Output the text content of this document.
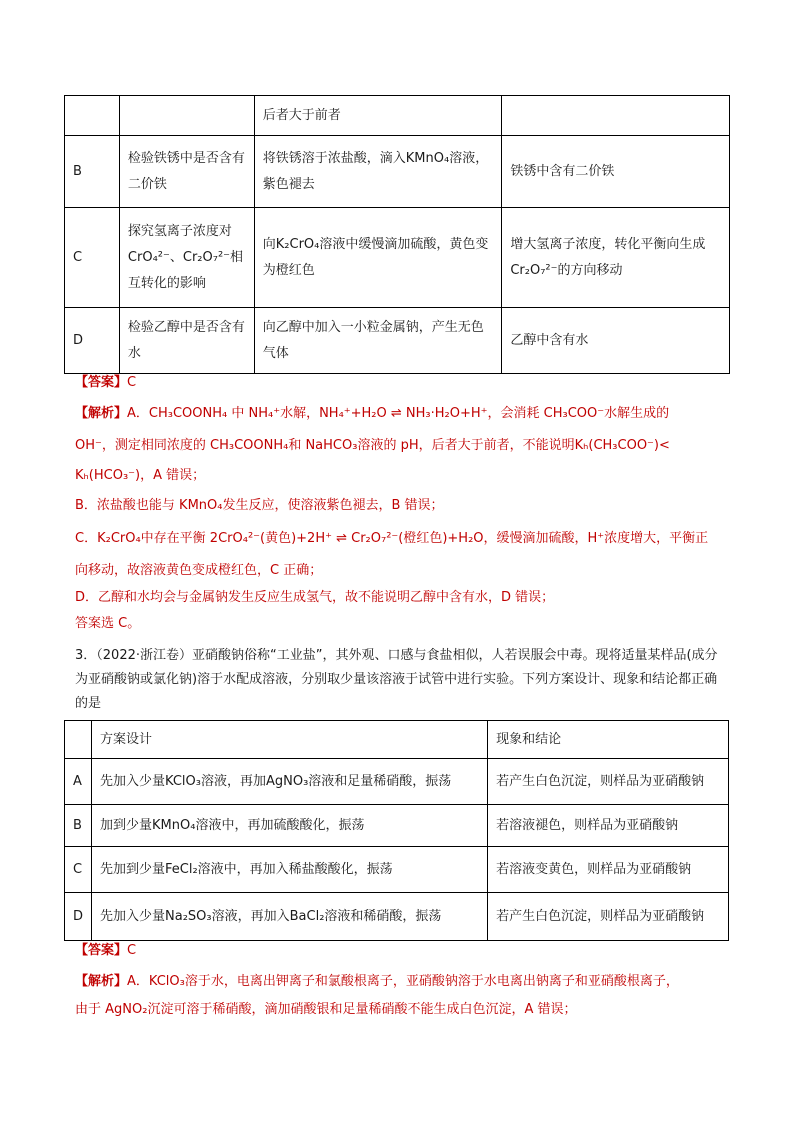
		后者大于前者	
B	检验铁锈中是否含有二价铁	将铁锈溶于浓盐酸，滴入KMnO₄溶液，紫色褪去	铁锈中含有二价铁
C	探究氢离子浓度对CrO₄²⁻、Cr₂O₇²⁻相互转化的影响	向K₂CrO₄溶液中缓慢滴加硫酸，黄色变为橙红色	增大氢离子浓度，转化平衡向生成Cr₂O₇²⁻的方向移动
D	检验乙醇中是否含有水	向乙醇中加入一小粒金属钠，产生无色气体	乙醇中含有水

【答案】C

【解析】A．CH₃COONH₄ 中 NH₄⁺水解，NH₄⁺+H₂O ⇌ NH₃·H₂O+H⁺，会消耗 CH₃COO⁻水解生成的

OH⁻，测定相同浓度的 CH₃COONH₄和 NaHCO₃溶液的 pH，后者大于前者，不能说明Kₕ(CH₃COO⁻)<

Kₕ(HCO₃⁻)，A 错误；

B．浓盐酸也能与 KMnO₄发生反应，使溶液紫色褪去，B 错误；

C．K₂CrO₄中存在平衡 2CrO₄²⁻(黄色)+2H⁺ ⇌ Cr₂O₇²⁻(橙红色)+H₂O，缓慢滴加硫酸，H⁺浓度增大，平衡正

向移动，故溶液黄色变成橙红色，C 正确；

D．乙醇和水均会与金属钠发生反应生成氢气，故不能说明乙醇中含有水，D 错误；

答案选 C。

3．（2022·浙江卷）亚硝酸钠俗称“工业盐”，其外观、口感与食盐相似，人若误服会中毒。现将适量某样品(成分为亚硝酸钠或氯化钠)溶于水配成溶液，分别取少量该溶液于试管中进行实验。下列方案设计、现象和结论都正确的是

	方案设计	现象和结论
A	先加入少量KClO₃溶液，再加AgNO₃溶液和足量稀硝酸，振荡	若产生白色沉淀，则样品为亚硝酸钠
B	加到少量KMnO₄溶液中，再加硫酸酸化，振荡	若溶液褪色，则样品为亚硝酸钠
C	先加到少量FeCl₂溶液中，再加入稀盐酸酸化，振荡	若溶液变黄色，则样品为亚硝酸钠
D	先加入少量Na₂SO₃溶液，再加入BaCl₂溶液和稀硝酸，振荡	若产生白色沉淀，则样品为亚硝酸钠

【答案】C

【解析】A．KClO₃溶于水，电离出钾离子和氯酸根离子，亚硝酸钠溶于水电离出钠离子和亚硝酸根离子，

由于 AgNO₂沉淀可溶于稀硝酸，滴加硝酸银和足量稀硝酸不能生成白色沉淀，A 错误；
